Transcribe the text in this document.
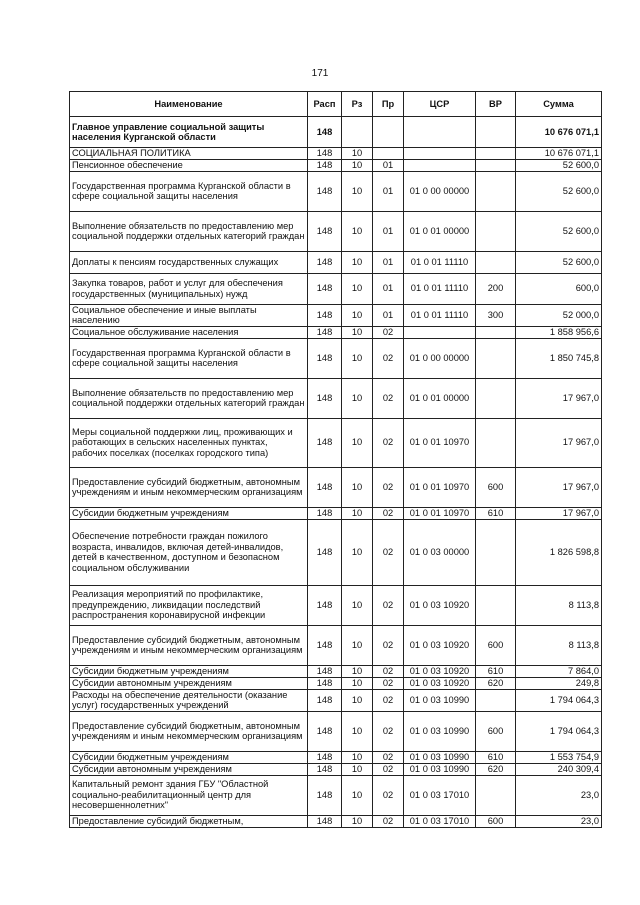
171
Наименование	Расп	Рз	Пр	ЦСР	ВР	Сумма
Главное управление социальной защиты населения Курганской области	148					10 676 071,1
СОЦИАЛЬНАЯ ПОЛИТИКА	148	10				10 676 071,1
Пенсионное обеспечение	148	10	01			52 600,0
Государственная программа Курганской области в сфере социальной защиты населения	148	10	01	01 0 00 00000		52 600,0
Выполнение обязательств по предоставлению мер социальной поддержки отдельных категорий граждан	148	10	01	01 0 01 00000		52 600,0
Доплаты к пенсиям государственных служащих	148	10	01	01 0 01 11110		52 600,0
Закупка товаров, работ и услуг для обеспечения государственных (муниципальных) нужд	148	10	01	01 0 01 11110	200	600,0
Социальное обеспечение и иные выплаты населению	148	10	01	01 0 01 11110	300	52 000,0
Социальное обслуживание населения	148	10	02			1 858 956,6
Государственная программа Курганской области в сфере социальной защиты населения	148	10	02	01 0 00 00000		1 850 745,8
Выполнение обязательств по предоставлению мер социальной поддержки отдельных категорий граждан	148	10	02	01 0 01 00000		17 967,0
Меры социальной поддержки лиц, проживающих и работающих в сельских населенных пунктах, рабочих поселках (поселках городского типа)	148	10	02	01 0 01 10970		17 967,0
Предоставление субсидий бюджетным, автономным учреждениям и иным некоммерческим организациям	148	10	02	01 0 01 10970	600	17 967,0
Субсидии бюджетным учреждениям	148	10	02	01 0 01 10970	610	17 967,0
Обеспечение потребности граждан пожилого возраста, инвалидов, включая детей-инвалидов, детей в качественном, доступном и безопасном социальном обслуживании	148	10	02	01 0 03 00000		1 826 598,8
Реализация мероприятий по профилактике, предупреждению, ликвидации последствий распространения коронавирусной инфекции	148	10	02	01 0 03 10920		8 113,8
Предоставление субсидий бюджетным, автономным учреждениям и иным некоммерческим организациям	148	10	02	01 0 03 10920	600	8 113,8
Субсидии бюджетным учреждениям	148	10	02	01 0 03 10920	610	7 864,0
Субсидии автономным учреждениям	148	10	02	01 0 03 10920	620	249,8
Расходы на обеспечение деятельности (оказание услуг) государственных учреждений	148	10	02	01 0 03 10990		1 794 064,3
Предоставление субсидий бюджетным, автономным учреждениям и иным некоммерческим организациям	148	10	02	01 0 03 10990	600	1 794 064,3
Субсидии бюджетным учреждениям	148	10	02	01 0 03 10990	610	1 553 754,9
Субсидии автономным учреждениям	148	10	02	01 0 03 10990	620	240 309,4
Капитальный ремонт здания ГБУ "Областной социально-реабилитационный центр для несовершеннолетних"	148	10	02	01 0 03 17010		23,0
Предоставление субсидий бюджетным,	148	10	02	01 0 03 17010	600	23,0
